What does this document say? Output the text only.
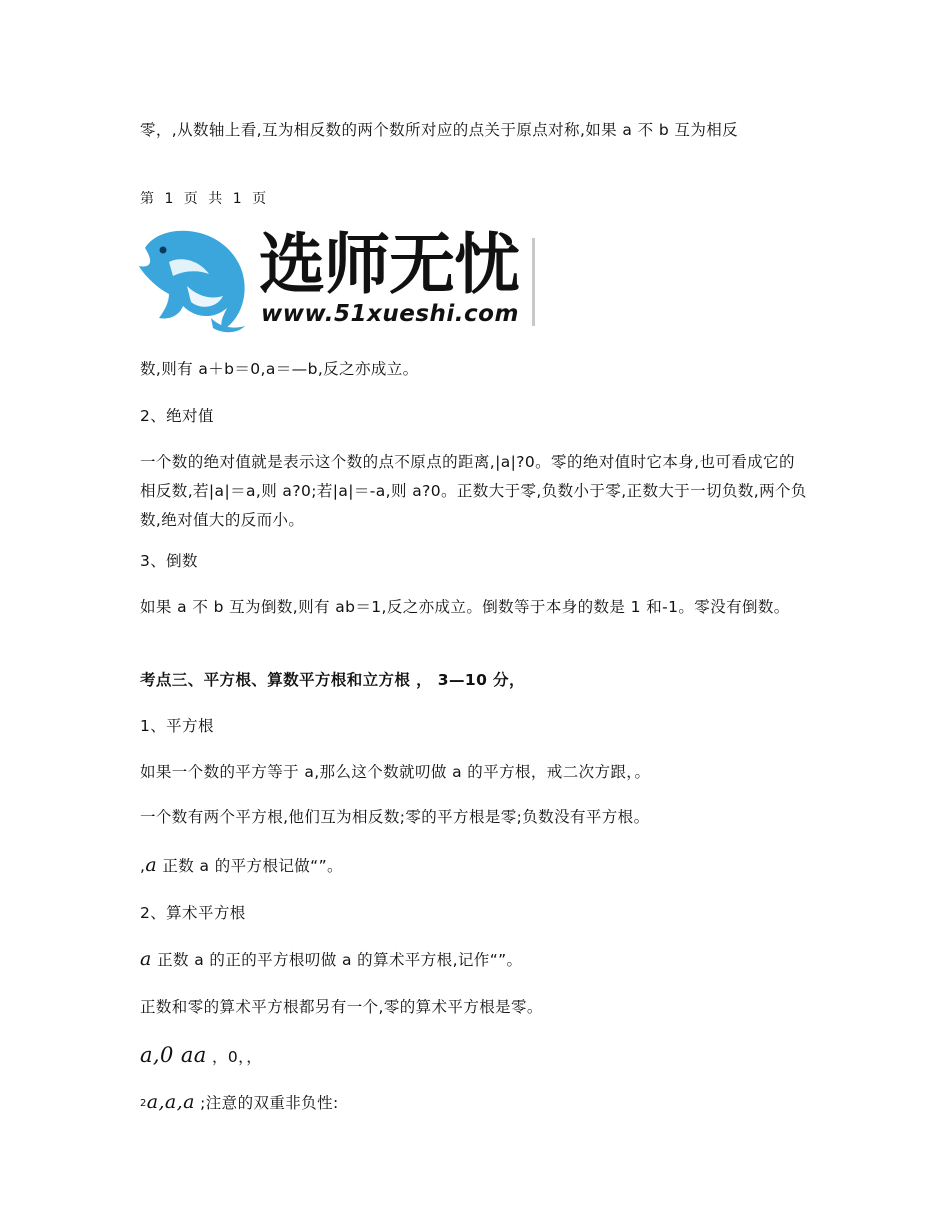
零，,从数轴上看,互为相反数的两个数所对应的点关于原点对称,如果 a 不 b 互为相反

第 1 页 共 1 页

选师无忧
www.51xueshi.com

数,则有 a＋b＝0,a＝—b,反之亦成立。

2、绝对值

一个数的绝对值就是表示这个数的点不原点的距离,|a|?0。零的绝对值时它本身,也可看成它的相反数,若|a|＝a,则 a?0;若|a|＝-a,则 a?0。正数大于零,负数小于零,正数大于一切负数,两个负数,绝对值大的反而小。

3、倒数

如果 a 不 b 互为倒数,则有 ab＝1,反之亦成立。倒数等于本身的数是 1 和-1。零没有倒数。

考点三、平方根、算数平方根和立方根 ， 3—10 分，

1、平方根

如果一个数的平方等于 a,那么这个数就叨做 a 的平方根，戒二次方跟，。

一个数有两个平方根,他们互为相反数;零的平方根是零;负数没有平方根。

,a 正数 a 的平方根记做“”。

2、算术平方根

a 正数 a 的正的平方根叨做 a 的算术平方根,记作“”。

正数和零的算术平方根都另有一个,零的算术平方根是零。

a,0 aa ，0，，

$^2$a,a,a ;注意的双重非负性:
